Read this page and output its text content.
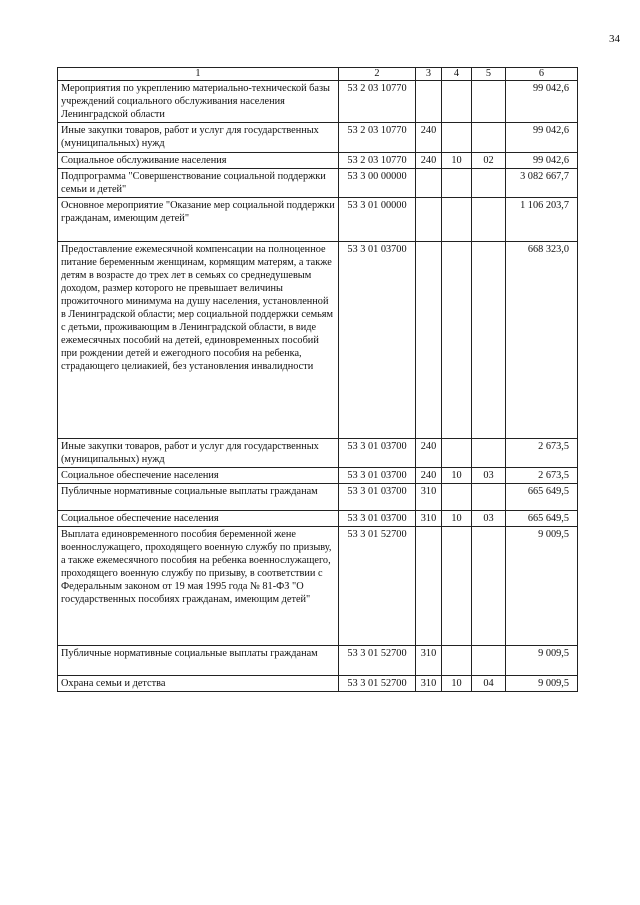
34
1	2	3	4	5	6
Мероприятия по укреплению материально-технической базы учреждений социального обслуживания населения Ленинградской области	53 2 03 10770				99 042,6
Иные закупки товаров, работ и услуг для государственных (муниципальных) нужд	53 2 03 10770	240			99 042,6
Социальное обслуживание населения	53 2 03 10770	240	10	02	99 042,6
Подпрограмма "Совершенствование социальной поддержки семьи и детей"	53 3 00 00000				3 082 667,7
Основное мероприятие "Оказание мер социальной поддержки гражданам, имеющим детей"	53 3 01 00000				1 106 203,7
Предоставление ежемесячной компенсации на полноценное питание беременным женщинам, кормящим матерям, а также детям в возрасте до трех лет в семьях со среднедушевым доходом, размер которого не превышает величины прожиточного минимума на душу населения, установленной в Ленинградской области; мер социальной поддержки семьям с детьми, проживающим в Ленинградской области, в виде ежемесячных пособий на детей, единовременных пособий при рождении детей и ежегодного пособия на ребенка, страдающего целиакией, без установления инвалидности	53 3 01 03700				668 323,0
Иные закупки товаров, работ и услуг для государственных (муниципальных) нужд	53 3 01 03700	240			2 673,5
Социальное обеспечение населения	53 3 01 03700	240	10	03	2 673,5
Публичные нормативные социальные выплаты гражданам	53 3 01 03700	310			665 649,5
Социальное обеспечение населения	53 3 01 03700	310	10	03	665 649,5
Выплата единовременного пособия беременной жене военнослужащего, проходящего военную службу по призыву, а также ежемесячного пособия на ребенка военнослужащего, проходящего военную службу по призыву, в соответствии с Федеральным законом от 19 мая 1995 года № 81-ФЗ "О государственных пособиях гражданам, имеющим детей"	53 3 01 52700				9 009,5
Публичные нормативные социальные выплаты гражданам	53 3 01 52700	310			9 009,5
Охрана семьи и детства	53 3 01 52700	310	10	04	9 009,5
